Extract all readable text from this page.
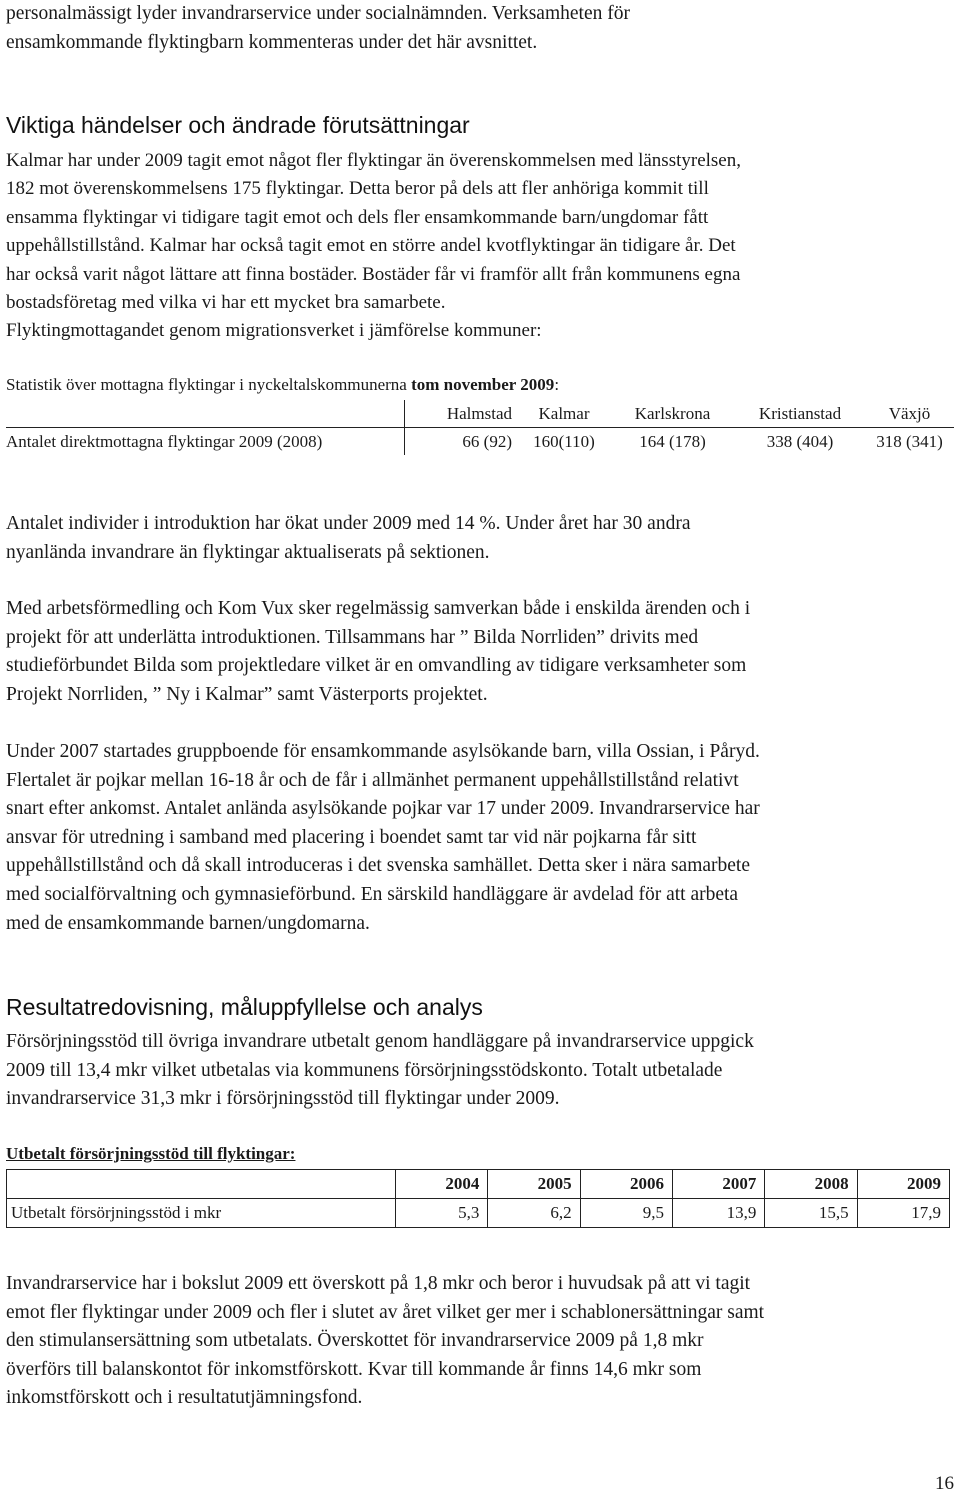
personalmässigt lyder invandrarservice under socialnämnden. Verksamheten för

ensamkommande flyktingbarn kommenteras under det här avsnittet.

Viktiga händelser och ändrade förutsättningar

Kalmar har under 2009 tagit emot något fler flyktingar än överenskommelsen med länsstyrelsen,

182 mot överenskommelsens 175 flyktingar. Detta beror på dels att fler anhöriga kommit till

ensamma flyktingar vi tidigare tagit emot och dels fler ensamkommande barn/ungdomar fått

uppehållstillstånd. Kalmar har också tagit emot en större andel kvotflyktingar än tidigare år. Det

har också varit något lättare att finna bostäder. Bostäder får vi framför allt från kommunens egna

bostadsföretag med vilka vi har ett mycket bra samarbete.

Flyktingmottagandet genom migrationsverket i jämförelse kommuner:

Statistik över mottagna flyktingar i nyckeltalskommunerna tom november 2009:
	Halmstad	Kalmar	Karlskrona	Kristianstad	Växjö
Antalet direktmottagna flyktingar 2009 (2008)	66 (92)	160(110)	164 (178)	338 (404)	318 (341)

Antalet individer i introduktion har ökat under 2009 med 14 %. Under året har 30 andra

nyanlända invandrare än flyktingar aktualiserats på sektionen.

Med arbetsförmedling och Kom Vux sker regelmässig samverkan både i enskilda ärenden och i

projekt för att underlätta introduktionen. Tillsammans har ” Bilda Norrliden” drivits med

studieförbundet Bilda som projektledare vilket är en omvandling av tidigare verksamheter som

Projekt Norrliden, ” Ny i Kalmar” samt Västerports projektet.

Under 2007 startades gruppboende för ensamkommande asylsökande barn, villa Ossian, i Påryd.

Flertalet är pojkar mellan 16-18 år och de får i allmänhet permanent uppehållstillstånd relativt

snart efter ankomst. Antalet anlända asylsökande pojkar var 17 under 2009. Invandrarservice har

ansvar för utredning i samband med placering i boendet samt tar vid när pojkarna får sitt

uppehållstillstånd och då skall introduceras i det svenska samhället. Detta sker i nära samarbete

med socialförvaltning och gymnasieförbund. En särskild handläggare är avdelad för att arbeta

med de ensamkommande barnen/ungdomarna.

Resultatredovisning, måluppfyllelse och analys

Försörjningsstöd till övriga invandrare utbetalt genom handläggare på invandrarservice uppgick

2009 till 13,4 mkr vilket utbetalas via kommunens försörjningsstödskonto. Totalt utbetalade

invandrarservice 31,3 mkr i försörjningsstöd till flyktingar under 2009.

Utbetalt försörjningsstöd till flyktingar:
	2004	2005	2006	2007	2008	2009
Utbetalt försörjningsstöd i mkr	5,3	6,2	9,5	13,9	15,5	17,9

Invandrarservice har i bokslut 2009 ett överskott på 1,8 mkr och beror i huvudsak på att vi tagit

emot fler flyktingar under 2009 och fler i slutet av året vilket ger mer i schablonersättningar samt

den stimulansersättning som utbetalats. Överskottet för invandrarservice 2009 på 1,8 mkr

överförs till balanskontot för inkomstförskott. Kvar till kommande år finns 14,6 mkr som

inkomstförskott och i resultatutjämningsfond.

16
